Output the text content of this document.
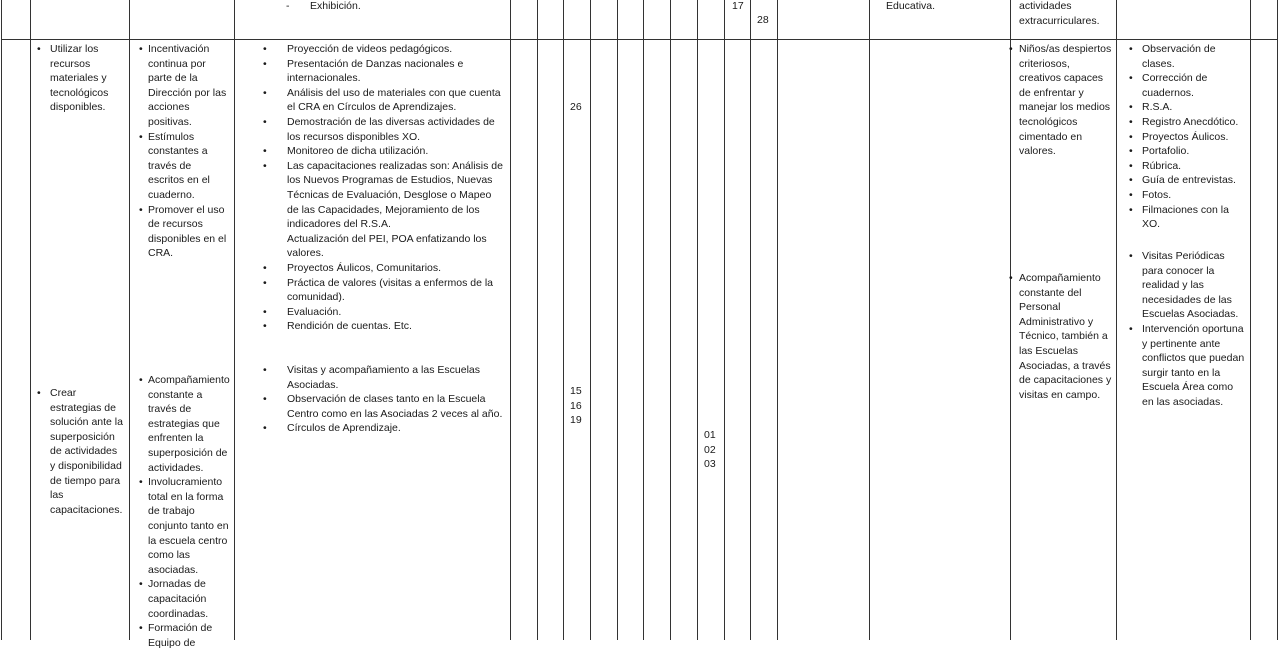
- Exhibición.	17
28
Educativa.	actividades
extracurriculares.
• Utilizar los recursos materiales y tecnológicos disponibles.
• Crear estrategias de solución ante la superposición de actividades y disponibilidad de tiempo para las capacitaciones.
• Incentivación continua por parte de la Dirección por las acciones positivas.
• Estímulos constantes a través de escritos en el cuaderno.
• Promover el uso de recursos disponibles en el CRA.
• Acompañamiento constante a través de estrategias que enfrenten la superposición de actividades.
• Involucramiento total en la forma de trabajo conjunto tanto en la escuela centro como las asociadas.
• Jornadas de capacitación coordinadas.
• Formación de Equipo de
• Proyección de videos pedagógicos.
• Presentación de Danzas nacionales e internacionales.
• Análisis del uso de materiales con que cuenta el CRA en Círculos de Aprendizajes.
• Demostración de las diversas actividades de los recursos disponibles XO.
• Monitoreo de dicha utilización.
• Las capacitaciones realizadas son: Análisis de los Nuevos Programas de Estudios, Nuevas Técnicas de Evaluación, Desglose o Mapeo de las Capacidades, Mejoramiento de los indicadores del R.S.A.
Actualización del PEI, POA enfatizando los valores.
• Proyectos Áulicos, Comunitarios.
• Práctica de valores (visitas a enfermos de la comunidad).
• Evaluación.
• Rendición de cuentas. Etc.
• Visitas y acompañamiento a las Escuelas Asociadas.
• Observación de clases tanto en la Escuela Centro como en las Asociadas 2 veces al año.
• Círculos de Aprendizaje.
26
15
16
19
01
02
03
• Niños/as despiertos criteriosos, creativos capaces de enfrentar y manejar los medios tecnológicos cimentado en valores.
• Acompañamiento constante del Personal Administrativo y Técnico, también a las Escuelas Asociadas, a través de capacitaciones y visitas en campo.
• Observación de clases.
• Corrección de cuadernos.
• R.S.A.
• Registro Anecdótico.
• Proyectos Áulicos.
• Portafolio.
• Rúbrica.
• Guía de entrevistas.
• Fotos.
• Filmaciones con la XO.
• Visitas Periódicas para conocer la realidad y las necesidades de las Escuelas Asociadas.
• Intervención oportuna y pertinente ante conflictos que puedan surgir tanto en la Escuela Área como en las asociadas.
